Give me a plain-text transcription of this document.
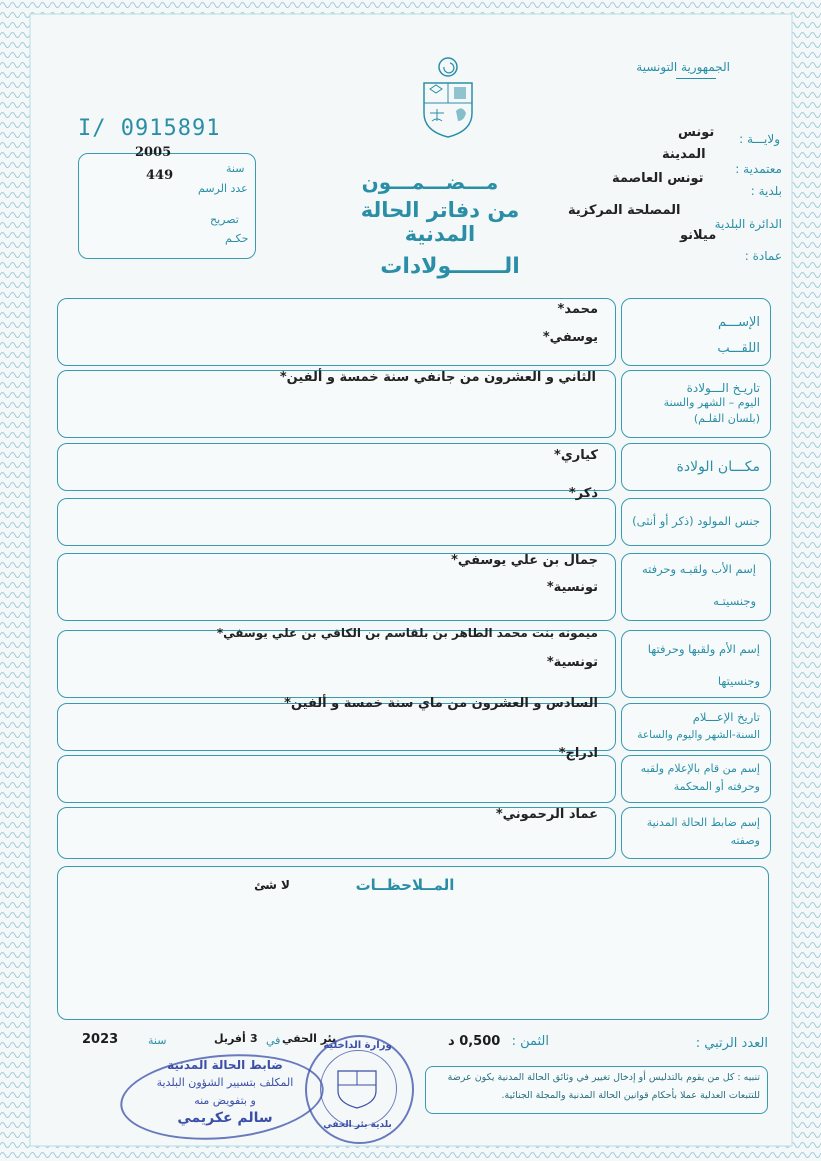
الجمهورية التونسية
I/ 0915891
2005
سنة
449
عدد الرسم
تصريح
حكـم
مـــضـــمـــون
من دفاتر الحالة المدنية
الـــــــولادات
ولايـــة :
تونس
المدينة
معتمدية :
تونس العاصمة
بلدية :
المصلحة المركزية
الدائرة البلدية
ميلانو
عمادة :
الإســـم
اللقـــب
محمد*
يوسفي*
تاريـخ الـــولادة
اليوم – الشهر والسنة
(بلسان القلـم)
الثاني و العشرون من جانفي سنة خمسة و ألفين*
مكـــان الولادة
كياري*
جنس المولود (ذكر أو أنثى)
ذكر*
إسم الأب ولقبـه وحرفته
وجنسيتـه
جمال بن علي يوسفي*
تونسية*
إسم الأم ولقبها وحرفتها
وجنسيتها
ميمونه بنت محمد الطاهر بن بلقاسم بن الكافي بن علي يوسفي*
تونسية*
تاريخ الإعـــلام
السنة-الشهر واليوم والساعة
السادس و العشرون من ماي سنة خمسة و ألفين*
إسم من قام بالإعلام ولقبه
وحرفته أو المحكمة
ادراج*
إسم ضابط الحالة المدنية
وصفته
عماد الرحموني*
المــلاحظــات
لا شئ
العدد الرتبي :
الثمن :
0,500 د
أفريل 3 في بئر الحفي
سنة
2023
تنبيه : كل من يقوم بالتدليس أو إدخال تغيير في وثائق الحالة المدنية يكون عرضة
للتتبعات العدلية عملا بأحكام قوانين الحالة المدنية والمجلة الجنائية.
ضابط الحالة المدنية
المكلف بتسيير الشؤون البلدية
و بتفويض منه
سالم عكريمي
وزارة الداخلية
بلدية بئر الحفي
